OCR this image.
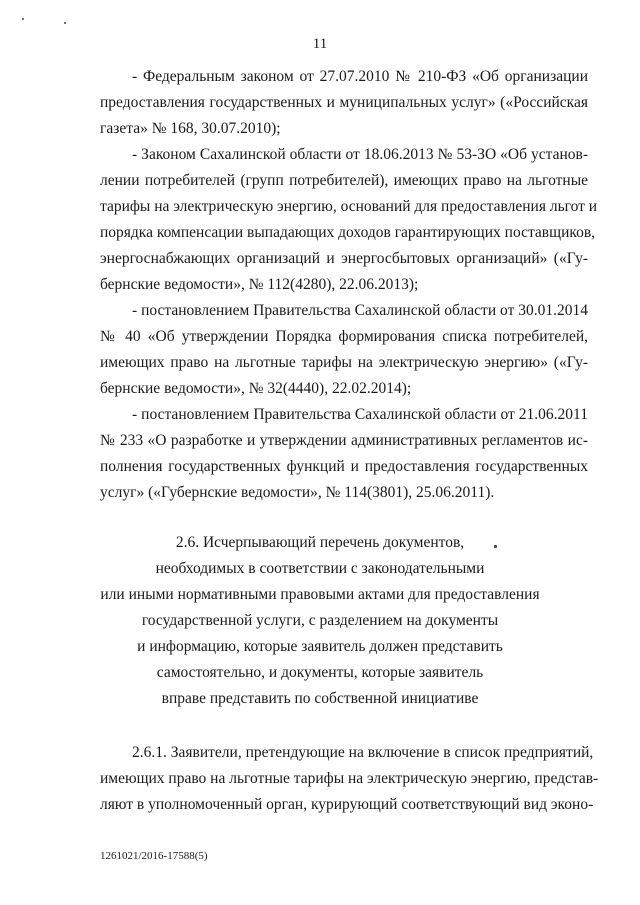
11
- Федеральным законом от 27.07.2010 № 210-ФЗ «Об организации
предоставления государственных и муниципальных услуг» («Российская
газета» № 168, 30.07.2010);
- Законом Сахалинской области от 18.06.2013 № 53-ЗО «Об установ-
лении потребителей (групп потребителей), имеющих право на льготные
тарифы на электрическую энергию, оснований для предоставления льгот и
порядка компенсации выпадающих доходов гарантирующих поставщиков,
энергоснабжающих организаций и энергосбытовых организаций» («Гу-
бернские ведомости», № 112(4280), 22.06.2013);
- постановлением Правительства Сахалинской области от 30.01.2014
№ 40 «Об утверждении Порядка формирования списка потребителей,
имеющих право на льготные тарифы на электрическую энергию» («Гу-
бернские ведомости», № 32(4440), 22.02.2014);
- постановлением Правительства Сахалинской области от 21.06.2011
№ 233 «О разработке и утверждении административных регламентов ис-
полнения государственных функций и предоставления государственных
услуг» («Губернские ведомости», № 114(3801), 25.06.2011).
2.6. Исчерпывающий перечень документов,
необходимых в соответствии с законодательными
или иными нормативными правовыми актами для предоставления
государственной услуги, с разделением на документы
и информацию, которые заявитель должен представить
самостоятельно, и документы, которые заявитель
вправе представить по собственной инициативе
2.6.1. Заявители, претендующие на включение в список предприятий,
имеющих право на льготные тарифы на электрическую энергию, представ-
ляют в уполномоченный орган, курирующий соответствующий вид эконо-
1261021/2016-17588(5)
